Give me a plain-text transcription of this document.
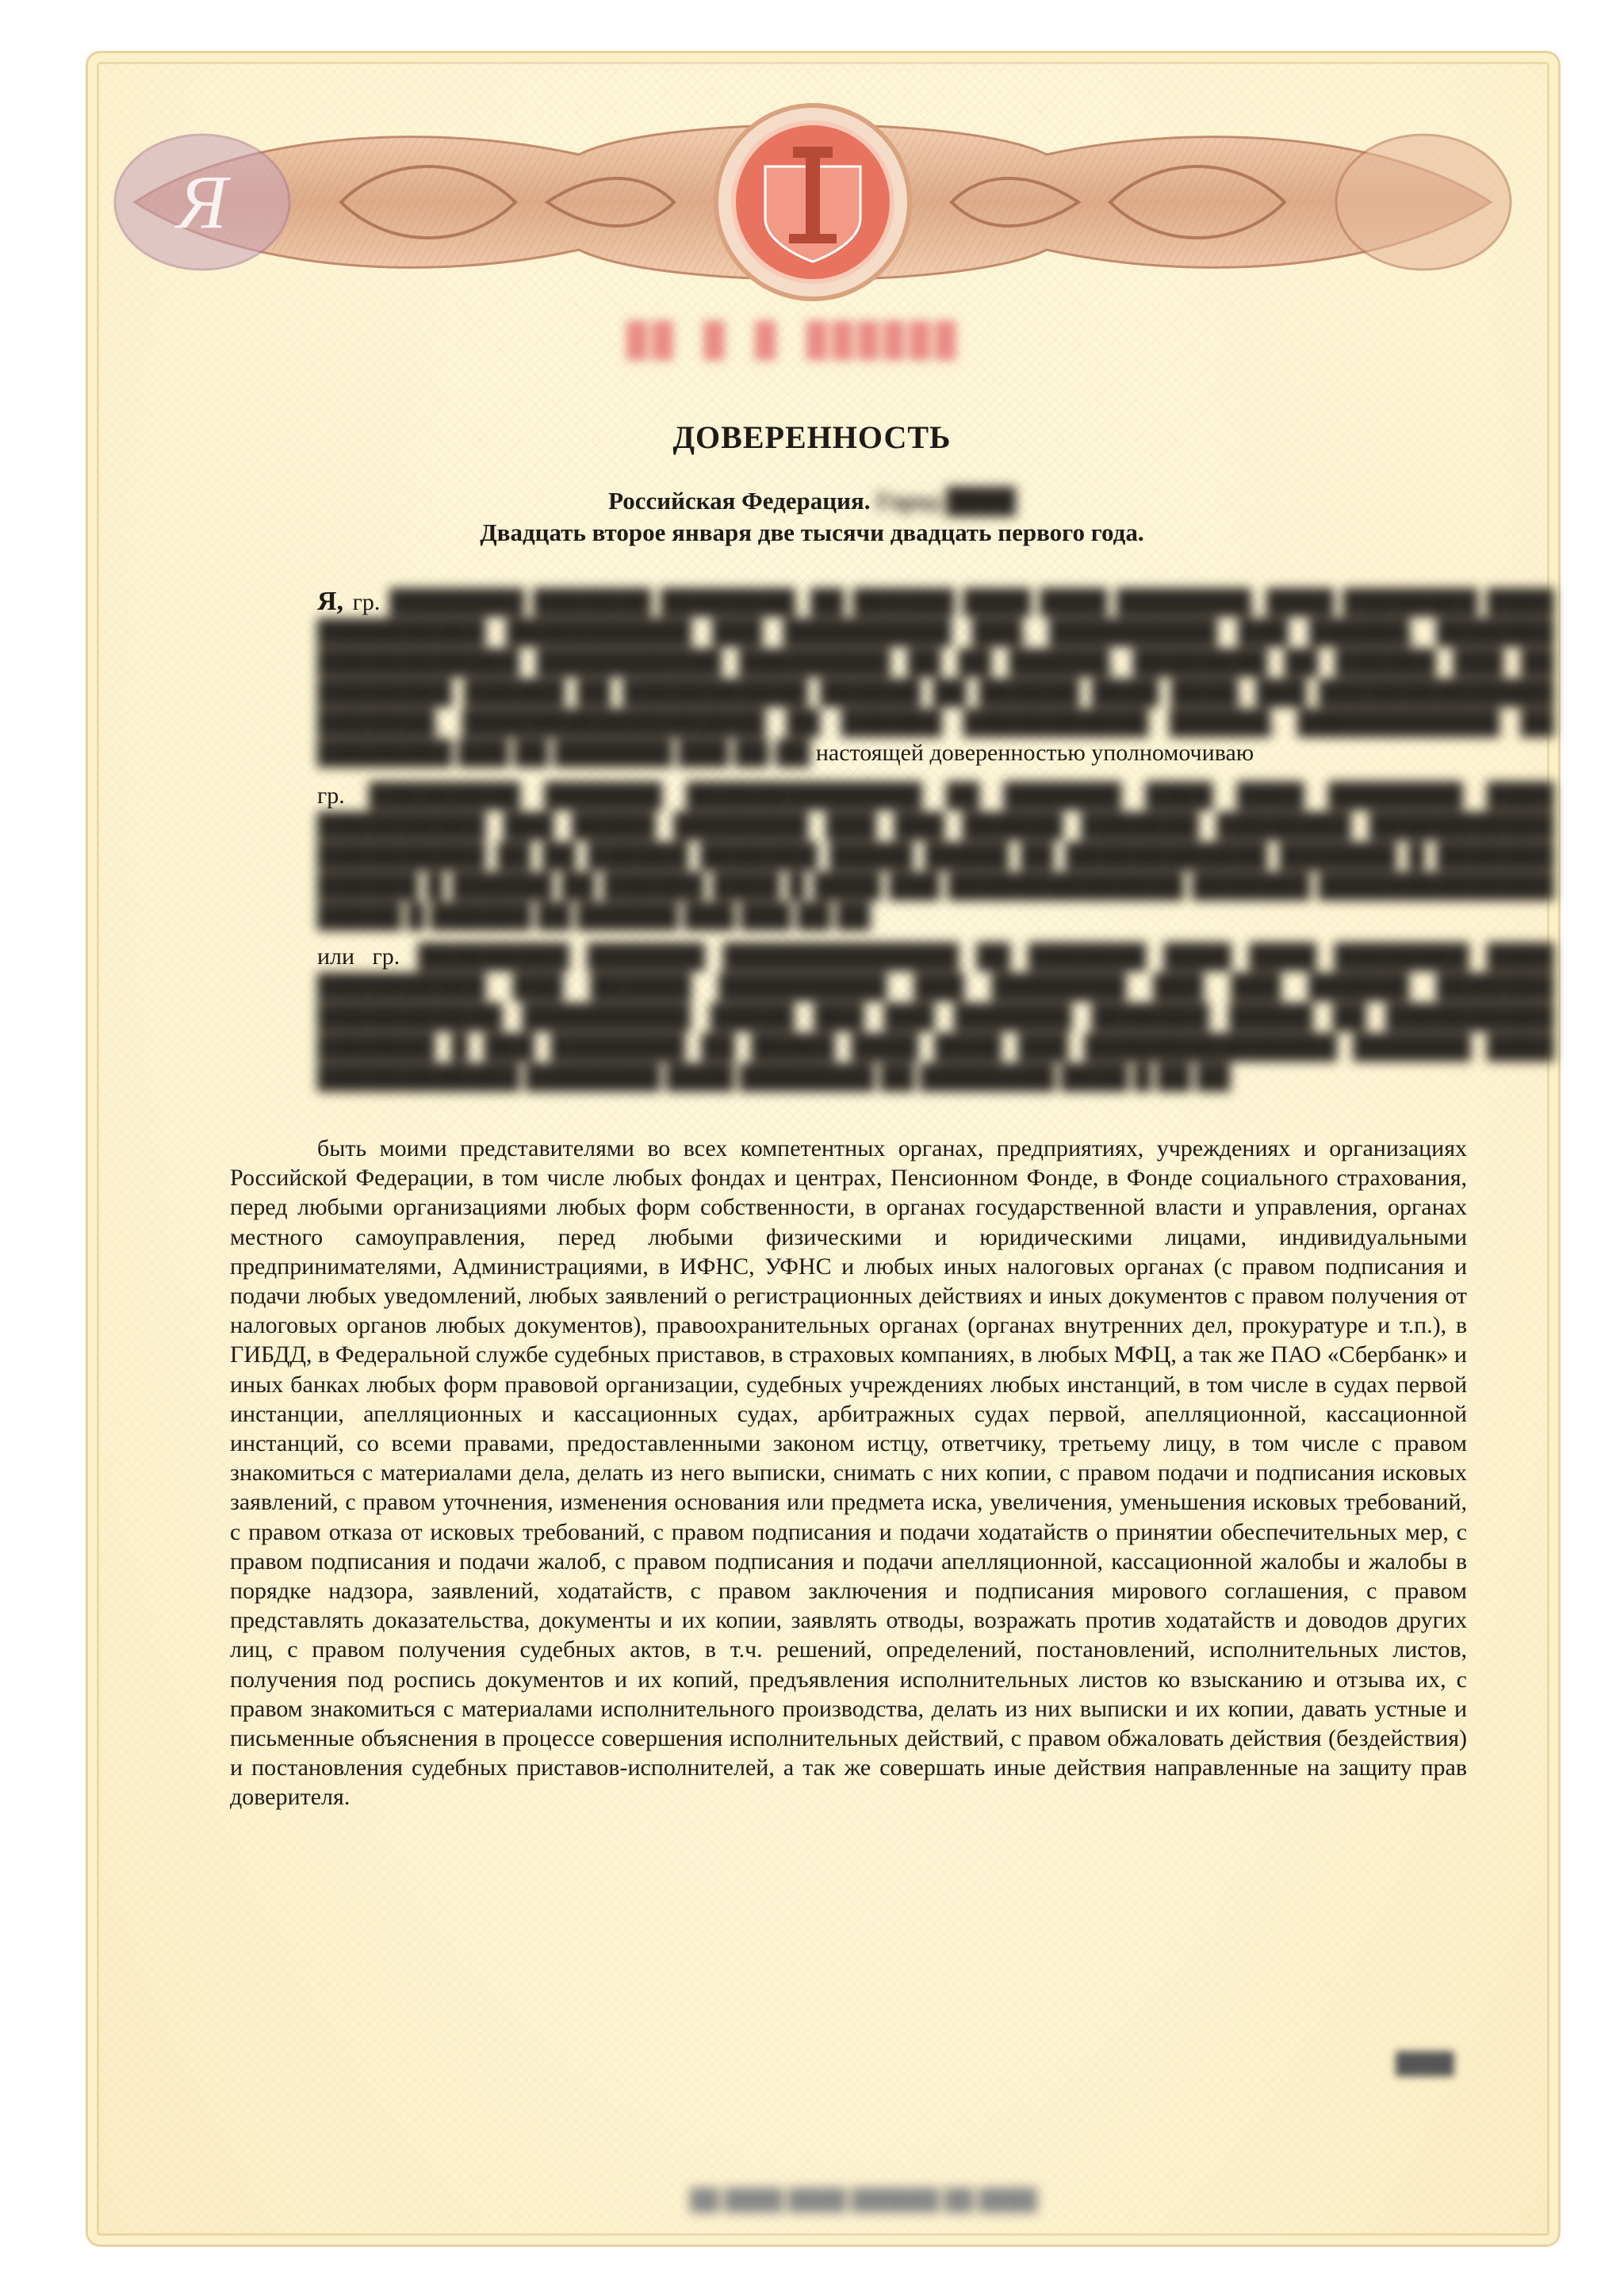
Я
██ █ █ ██████
ДОВЕРЕННОСТЬ
Российская Федерация. Город ████
Двадцать второе января две тысячи двадцать первого года.
Я, гр. ████████ ███████ ████████, ██ ██████ ████ ████ ████████, ████ ████████ ████ ██████████ ███████████ ███ ██████████ ███, ██████████ ███ ██████, ███████ ████████████ ███████████ █████████ ██ ██ ██████, ████████ ██ ██████ ███ ██ ████████ ██████ ██ ███████████ ██████ ██ ██████ ████ ████, ███ ██████████████ ███████, ██████████████████ ██ ██████ ███████████ ██████, ████████████ ██ ████████ ███ ██ ███████ ███ ██-██ настоящей доверенностью уполномочиваю
гр. █████████ ███████ ██████████████ ██ ███████ ████ ████ ████████ ████ ██████████ ███ █████ ████████ ███ ███ ██████ ███████ ████████ ███████████ ██████████ ██ ██ ██████ ███████ █████ █████ ██ ████████████ ███████ █ ███████ ██████ █ ██████ ██ ██████ ████ █ ████ ███ ██████████████ ███████ ██████████████ █████ █ ██████ ██ ██████ ███ ███ ██ ██
или гр. █████████ ███████ ██████████████ ██ ███████ ████ ████ ████████ ████ ██████████ ███ ██████ ██████████ ███ ████████ ███ ███ ██████ ███████ ███████████ ██████████ █████ ███ ███ ███████ ███████ █████ ██ ██████████ ███████ █ ███ ████████ ██ █████ ████ ████ ███ ███████████████ ███████ ████ ████████████ ████████ ████ ████████ ██ ████████ ████ █ ██ ██
быть моими представителями во всех компетентных органах, предприятиях, учреждениях и организациях Российской Федерации, в том числе любых фондах и центрах, Пенсионном Фонде, в Фонде социального страхования, перед любыми организациями любых форм собственности, в органах государственной власти и управления, органах местного самоуправления, перед любыми физическими и юридическими лицами, индивидуальными предпринимателями, Администрациями, в ИФНС, УФНС и любых иных налоговых органах (с правом подписания и подачи любых уведомлений, любых заявлений о регистрационных действиях и иных документов с правом получения от налоговых органов любых документов), правоохранительных органах (органах внутренних дел, прокуратуре и т.п.), в ГИБДД, в Федеральной службе судебных приставов, в страховых компаниях, в любых МФЦ, а так же ПАО «Сбербанк» и иных банках любых форм правовой организации, судебных учреждениях любых инстанций, в том числе в судах первой инстанции, апелляционных и кассационных судах, арбитражных судах первой, апелляционной, кассационной инстанций, со всеми правами, предоставленными законом истцу, ответчику, третьему лицу, в том числе с правом знакомиться с материалами дела, делать из него выписки, снимать с них копии, с правом подачи и подписания исковых заявлений, с правом уточнения, изменения основания или предмета иска, увеличения, уменьшения исковых требований, с правом отказа от исковых требований, с правом подписания и подачи ходатайств о принятии обеспечительных мер, с правом подписания и подачи жалоб, с правом подписания и подачи апелляционной, кассационной жалобы и жалобы в порядке надзора, заявлений, ходатайств, с правом заключения и подписания мирового соглашения, с правом представлять доказательства, документы и их копии, заявлять отводы, возражать против ходатайств и доводов других лиц, с правом получения судебных актов, в т.ч. решений, определений, постановлений, исполнительных листов, получения под роспись документов и их копий, предъявления исполнительных листов ко взысканию и отзыва их, с правом знакомиться с материалами исполнительного производства, делать из них выписки и их копии, давать устные и письменные объяснения в процессе совершения исполнительных действий, с правом обжаловать действия (бездействия) и постановления судебных приставов-исполнителей, а так же совершать иные действия направленные на защиту прав доверителя.
████
██ ████ ████ ██████ ██ ████
